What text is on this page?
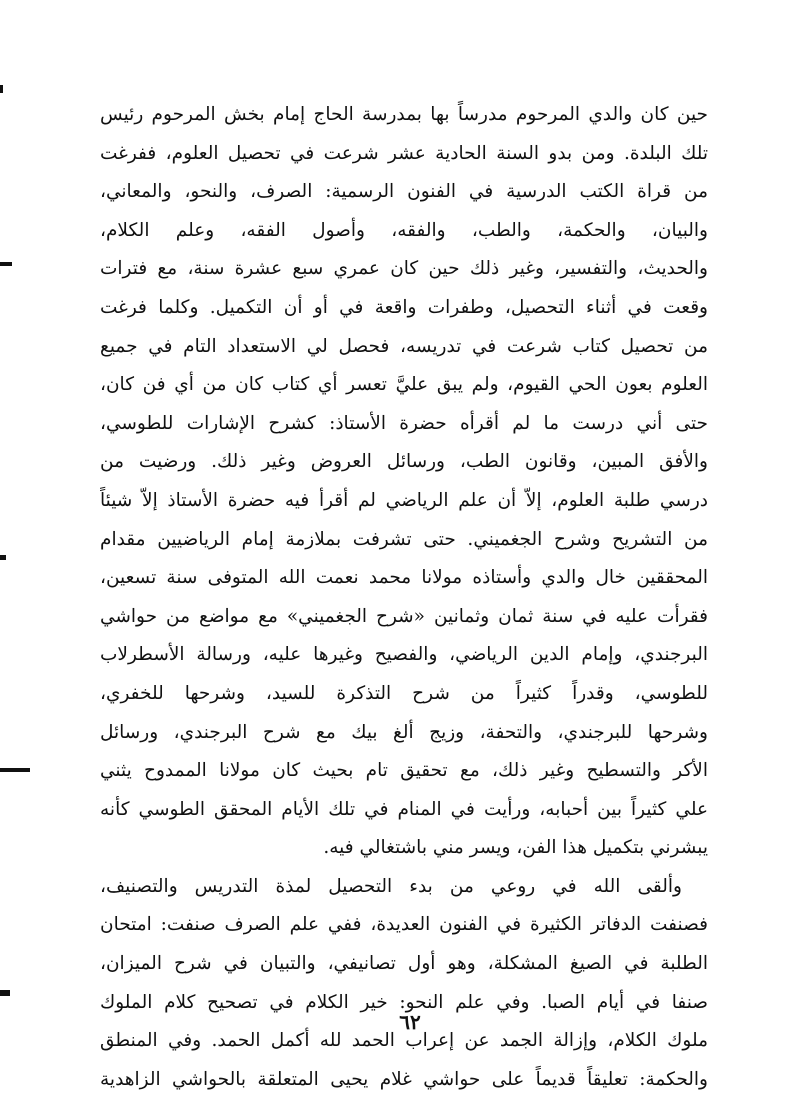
حين كان والدي المرحوم مدرساً بها بمدرسة الحاج إمام بخش المرحوم رئيس
تلك البلدة. ومن بدو السنة الحادية عشر شرعت في تحصيل العلوم، ففرغت
من قراة الكتب الدرسية في الفنون الرسمية: الصرف، والنحو، والمعاني،
والبيان، والحكمة، والطب، والفقه، وأصول الفقه، وعلم الكلام،
والحديث، والتفسير، وغير ذلك حين كان عمري سبع عشرة سنة، مع فترات
وقعت في أثناء التحصيل، وطفرات واقعة في أو أن التكميل. وكلما فرغت
من تحصيل كتاب شرعت في تدريسه، فحصل لي الاستعداد التام في جميع
العلوم بعون الحي القيوم، ولم يبق عليَّ تعسر أي كتاب كان من أي فن كان،
حتى أني درست ما لم أقرأه حضرة الأستاذ: كشرح الإشارات للطوسي،
والأفق المبين، وقانون الطب، ورسائل العروض وغير ذلك. ورضيت من
درسي طلبة العلوم، إلاّ أن علم الرياضي لم أقرأ فيه حضرة الأستاذ إلاّ شيئاً
من التشريح وشرح الجغميني. حتى تشرفت بملازمة إمام الرياضيين مقدام
المحققين خال والدي وأستاذه مولانا محمد نعمت الله المتوفى سنة تسعين،
فقرأت عليه في سنة ثمان وثمانين «شرح الجغميني» مع مواضع من حواشي
البرجندي، وإمام الدين الرياضي، والفصيح وغيرها عليه، ورسالة الأسطرلاب
للطوسي، وقدراً كثيراً من شرح التذكرة للسيد، وشرحها للخفري،
وشرحها للبرجندي، والتحفة، وزيج ألغ بيك مع شرح البرجندي، ورسائل
الأكر والتسطيح وغير ذلك، مع تحقيق تام بحيث كان مولانا الممدوح يثني
علي كثيراً بين أحبابه، ورأيت في المنام في تلك الأيام المحقق الطوسي كأنه
يبشرني بتكميل هذا الفن، ويسر مني باشتغالي فيه.
وألقى الله في روعي من بدء التحصيل لمذة التدريس والتصنيف،
فصنفت الدفاتر الكثيرة في الفنون العديدة، ففي علم الصرف صنفت: امتحان
الطلبة في الصيغ المشكلة، وهو أول تصانيفي، والتبيان في شرح الميزان،
صنفا في أيام الصبا. وفي علم النحو: خير الكلام في تصحيح كلام الملوك
ملوك الكلام، وإزالة الجمد عن إعراب الحمد لله أكمل الحمد. وفي المنطق
والحكمة: تعليقاً قديماً على حواشي غلام يحيى المتعلقة بالحواشي الزاهدية
٦٢
